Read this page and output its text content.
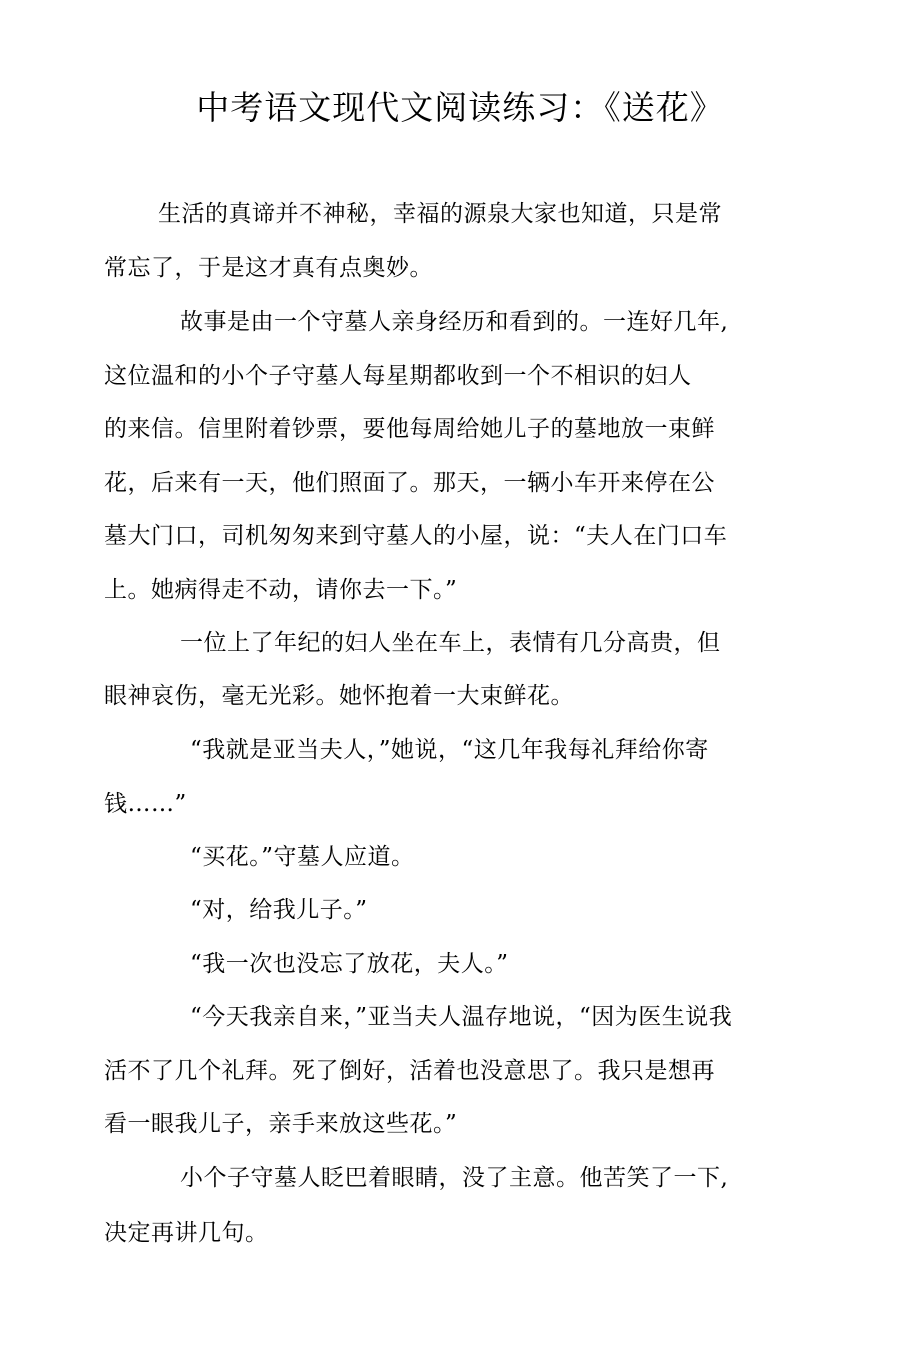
中考语文现代文阅读练习：《送花》
生活的真谛并不神秘，幸福的源泉大家也知道，只是常
常忘了，于是这才真有点奥妙。
故事是由一个守墓人亲身经历和看到的。一连好几年,
这位温和的小个子守墓人每星期都收到一个不相识的妇人
的来信。信里附着钞票，要他每周给她儿子的墓地放一束鲜
花，后来有一天，他们照面了。那天，一辆小车开来停在公
墓大门口，司机匆匆来到守墓人的小屋，说：“夫人在门口车
上。她病得走不动，请你去一下。”
一位上了年纪的妇人坐在车上，表情有几分高贵，但
眼神哀伤，毫无光彩。她怀抱着一大束鲜花。
“我就是亚当夫人，”她说，“这几年我每礼拜给你寄
钱……”
“买花。”守墓人应道。
“对，给我儿子。”
“我一次也没忘了放花，夫人。”
“今天我亲自来，”亚当夫人温存地说，“因为医生说我
活不了几个礼拜。死了倒好，活着也没意思了。我只是想再
看一眼我儿子，亲手来放这些花。”
小个子守墓人眨巴着眼睛，没了主意。他苦笑了一下,
决定再讲几句。
